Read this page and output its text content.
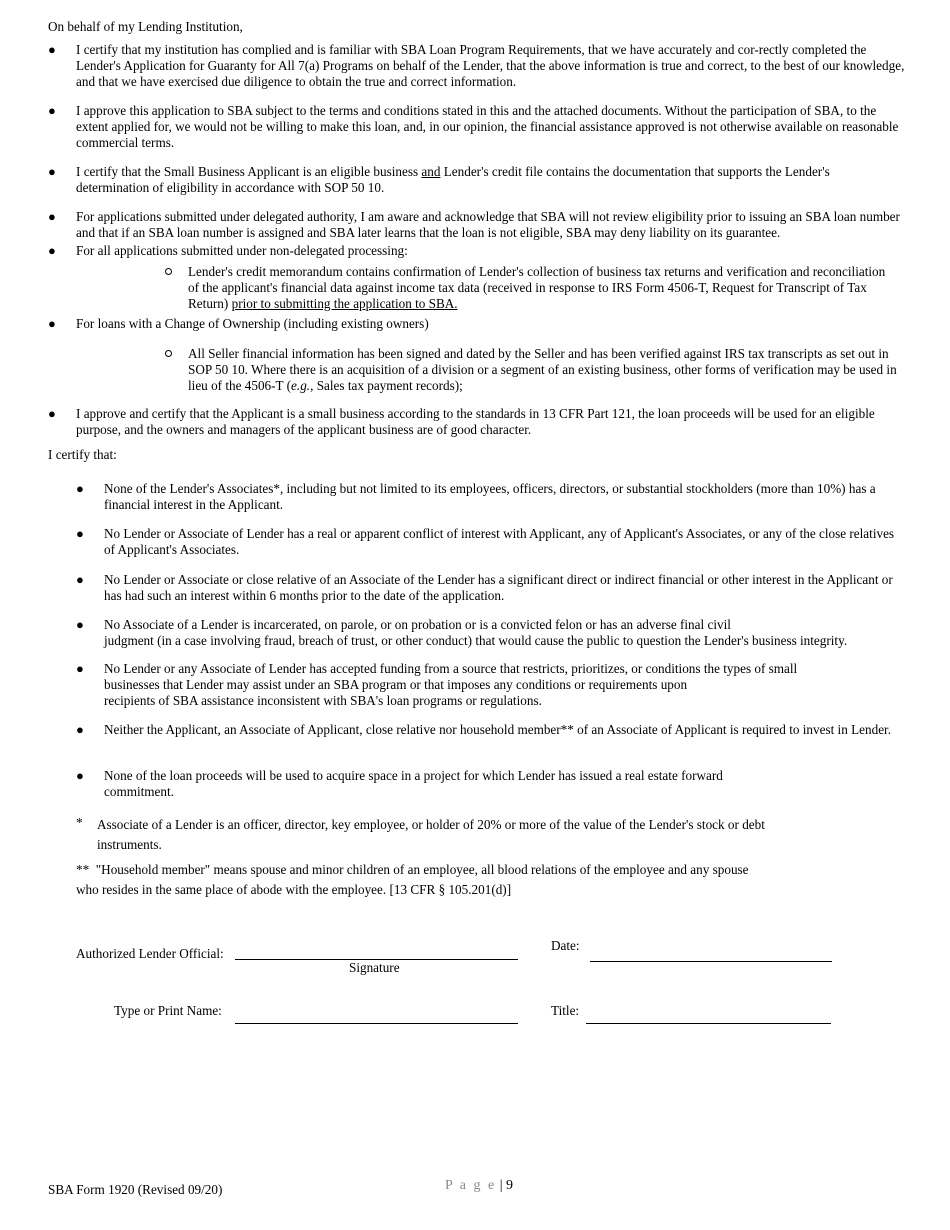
On behalf of my Lending Institution,
● I certify that my institution has complied and is familiar with SBA Loan Program Requirements, that we have accurately and cor-rectly completed the Lender's Application for Guaranty for All 7(a) Programs on behalf of the Lender, that the above information is true and correct, to the best of our knowledge, and that we have exercised due diligence to obtain the true and correct information.
● I approve this application to SBA subject to the terms and conditions stated in this and the attached documents. Without the participation of SBA, to the extent applied for, we would not be willing to make this loan, and, in our opinion, the financial assistance approved is not otherwise available on reasonable commercial terms.
● I certify that the Small Business Applicant is an eligible business and Lender's credit file contains the documentation that supports the Lender's determination of eligibility in accordance with SOP 50 10.
● For applications submitted under delegated authority, I am aware and acknowledge that SBA will not review eligibility prior to issuing an SBA loan number and that if an SBA loan number is assigned and SBA later learns that the loan is not eligible, SBA may deny liability on its guarantee.
● For all applications submitted under non-delegated processing:
Lender's credit memorandum contains confirmation of Lender's collection of business tax returns and verification and reconciliation of the applicant's financial data against income tax data (received in response to IRS Form 4506-T, Request for Transcript of Tax Return) prior to submitting the application to SBA.
● For loans with a Change of Ownership (including existing owners)
All Seller financial information has been signed and dated by the Seller and has been verified against IRS tax transcripts as set out in SOP 50 10. Where there is an acquisition of a division or a segment of an existing business, other forms of verification may be used in lieu of the 4506-T (e.g., Sales tax payment records);
● I approve and certify that the Applicant is a small business according to the standards in 13 CFR Part 121, the loan proceeds will be used for an eligible purpose, and the owners and managers of the applicant business are of good character.
I certify that:
● None of the Lender's Associates*, including but not limited to its employees, officers, directors, or substantial stockholders (more than 10%) has a financial interest in the Applicant.
● No Lender or Associate of Lender has a real or apparent conflict of interest with Applicant, any of Applicant's Associates, or any of the close relatives of Applicant's Associates.
● No Lender or Associate or close relative of an Associate of the Lender has a significant direct or indirect financial or other interest in the Applicant or has had such an interest within 6 months prior to the date of the application.
● No Associate of a Lender is incarcerated, on parole, or on probation or is a convicted felon or has an adverse final civil
judgment (in a case involving fraud, breach of trust, or other conduct) that would cause the public to question the Lender's business integrity.
● No Lender or any Associate of Lender has accepted funding from a source that restricts, prioritizes, or conditions the types of small businesses that Lender may assist under an SBA program or that imposes any conditions or requirements upon
recipients of SBA assistance inconsistent with SBA's loan programs or regulations.
● Neither the Applicant, an Associate of Applicant, close relative nor household member** of an Associate of Applicant is required to invest in Lender.
● None of the loan proceeds will be used to acquire space in a project for which Lender has issued a real estate forward
commitment.
* Associate of a Lender is an officer, director, key employee, or holder of 20% or more of the value of the Lender's stock or debt
instruments.
**  "Household member" means spouse and minor children of an employee, all blood relations of the employee and any spouse
who resides in the same place of abode with the employee. [13 CFR § 105.201(d)]
Authorized Lender Official:
Signature
Date:
Type or Print Name:	Title:
SBA Form 1920 (Revised 09/20)	P a g e | 9
